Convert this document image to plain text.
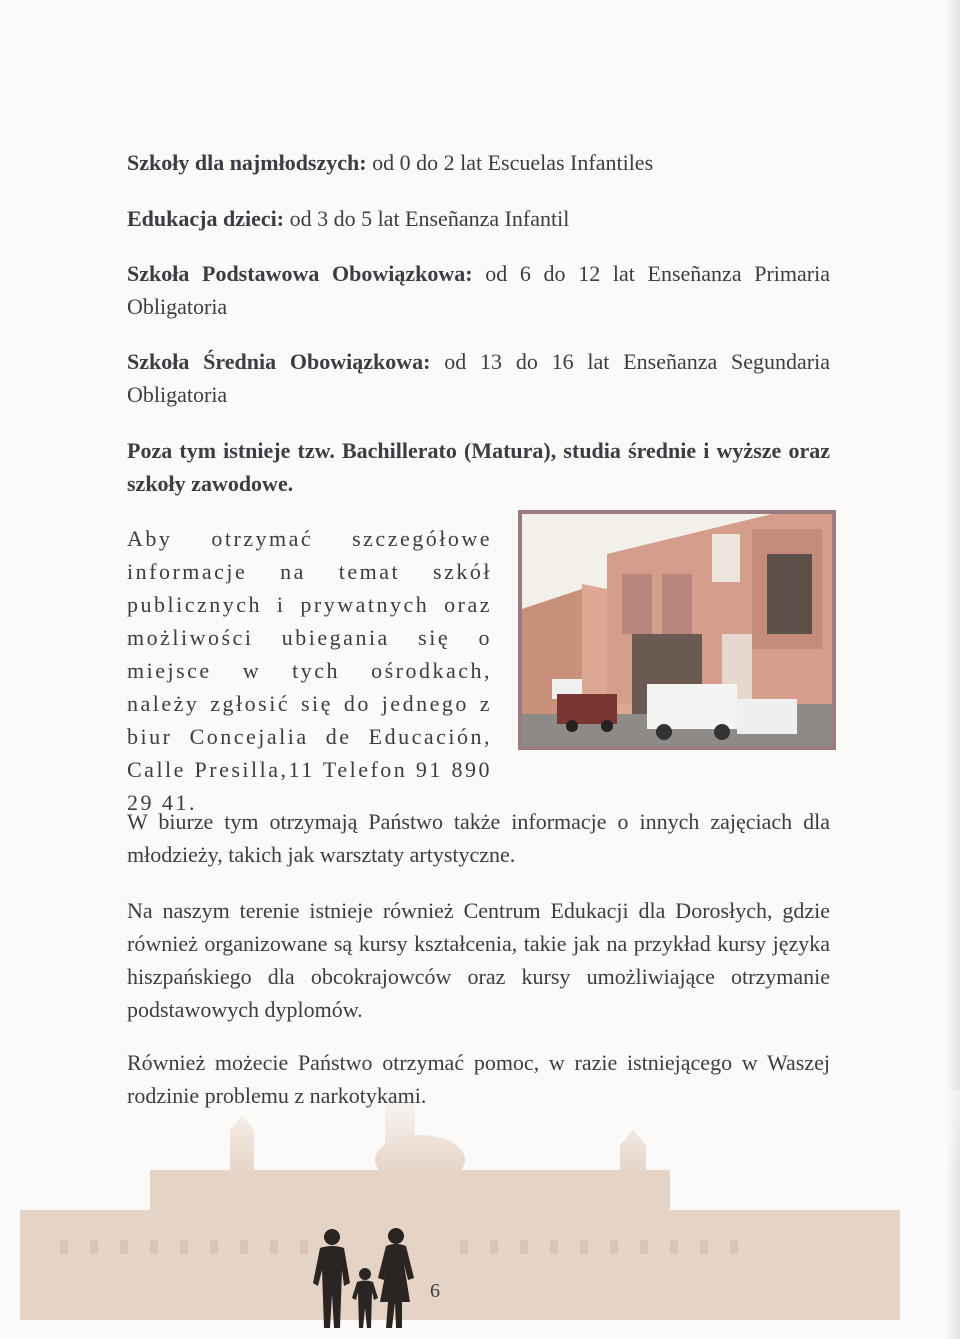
Szkoły dla najmłodszych: od 0 do 2 lat Escuelas Infantiles
Edukacja dzieci: od 3 do 5 lat Enseñanza Infantil
Szkoła Podstawowa Obowiązkowa: od 6 do 12 lat Enseñanza Primaria Obligatoria
Szkoła Średnia Obowiązkowa: od 13 do 16 lat Enseñanza Segundaria Obligatoria
Poza tym istnieje tzw. Bachillerato (Matura), studia średnie i wyższe oraz szkoły zawodowe.
Aby otrzymać szczegółowe informacje na temat szkół publicznych i prywatnych oraz możliwości ubiegania się o miejsce w tych ośrodkach, należy zgłosić się do jednego z biur Concejalia de Educación, Calle Presilla,11 Telefon 91 890 29 41.
W biurze tym otrzymają Państwo także informacje o innych zajęciach dla młodzieży, takich jak warsztaty artystyczne.
Na naszym terenie istnieje również Centrum Edukacji dla Dorosłych, gdzie również organizowane są kursy kształcenia, takie jak na przykład kursy języka hiszpańskiego dla obcokrajowców oraz kursy umożliwiające otrzymanie podstawowych dyplomów.
Również możecie Państwo otrzymać pomoc, w razie istniejącego w Waszej rodzinie problemu z narkotykami.
6
